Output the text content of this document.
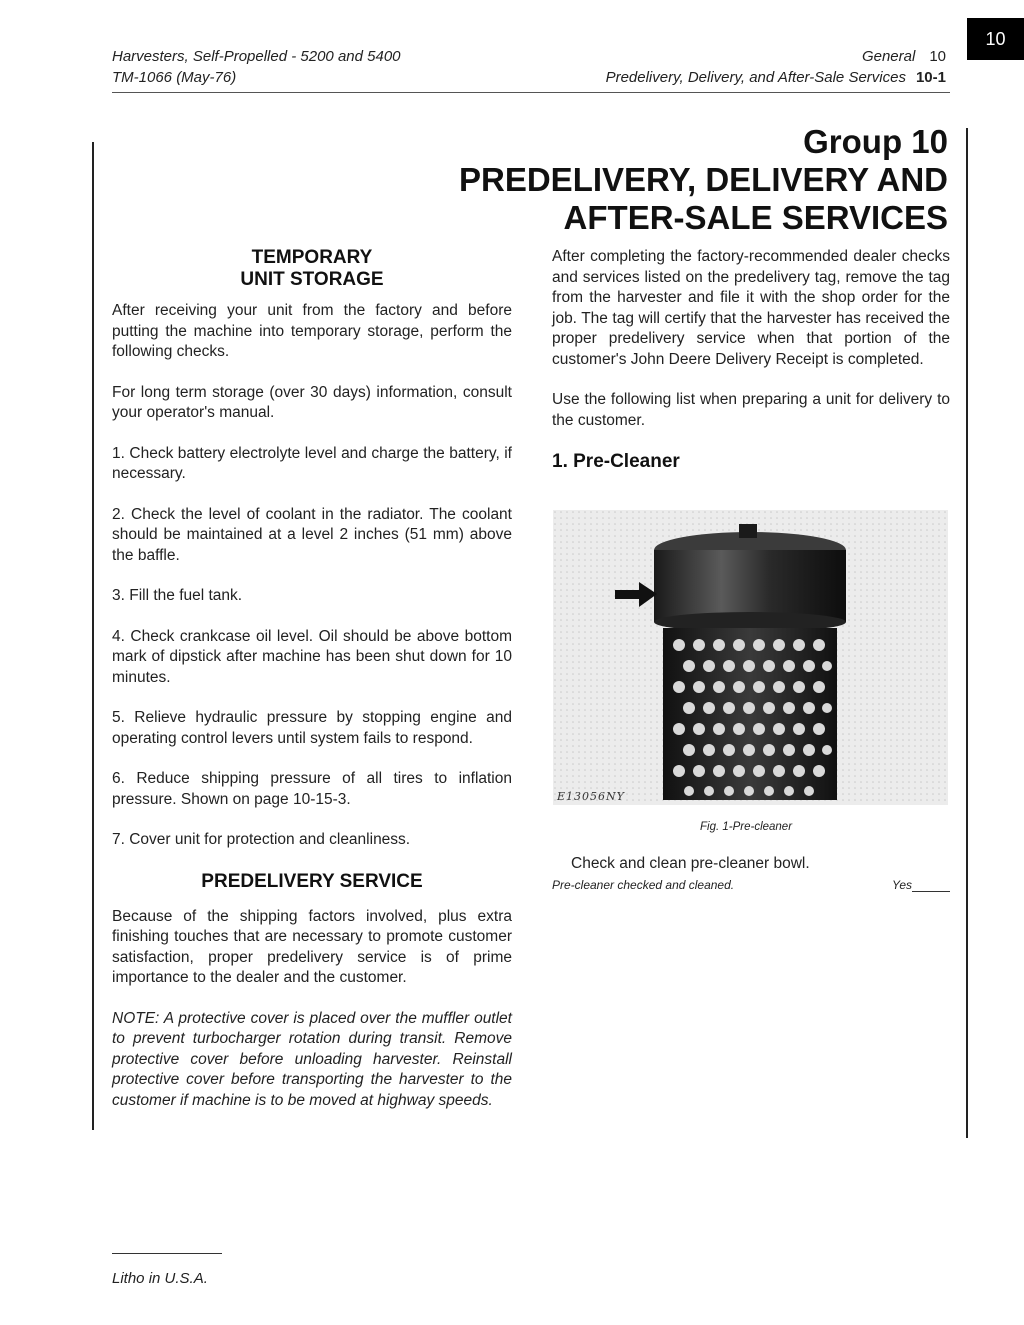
Harvesters, Self-Propelled - 5200 and 5400
TM-1066 (May-76)
General 10
Predelivery, Delivery, and After-Sale Services 10-1
10
Group 10
PREDELIVERY, DELIVERY AND
AFTER-SALE SERVICES
TEMPORARY
UNIT STORAGE

After receiving your unit from the factory and before putting the machine into temporary storage, perform the following checks.

For long term storage (over 30 days) information, consult your operator's manual.

1. Check battery electrolyte level and charge the battery, if necessary.

2. Check the level of coolant in the radiator. The coolant should be maintained at a level 2 inches (51 mm) above the baffle.

3. Fill the fuel tank.

4. Check crankcase oil level. Oil should be above bottom mark of dipstick after machine has been shut down for 10 minutes.

5. Relieve hydraulic pressure by stopping engine and operating control levers until system fails to respond.

6. Reduce shipping pressure of all tires to inflation pressure. Shown on page 10-15-3.

7. Cover unit for protection and cleanliness.

PREDELIVERY SERVICE

Because of the shipping factors involved, plus extra finishing touches that are necessary to promote customer satisfaction, proper predelivery service is of prime importance to the dealer and the customer.

NOTE: A protective cover is placed over the muffler outlet to prevent turbocharger rotation during transit. Remove protective cover before unloading harvester. Reinstall protective cover before transporting the harvester to the customer if machine is to be moved at highway speeds.

After completing the factory-recommended dealer checks and services listed on the predelivery tag, remove the tag from the harvester and file it with the shop order for the job. The tag will certify that the harvester has received the proper predelivery service when that portion of the customer's John Deere Delivery Receipt is completed.

Use the following list when preparing a unit for delivery to the customer.

1. Pre-Cleaner
E13056NY
Fig. 1-Pre-cleaner
Check and clean pre-cleaner bowl.
Pre-cleaner checked and cleaned.	Yes
Litho in U.S.A.
